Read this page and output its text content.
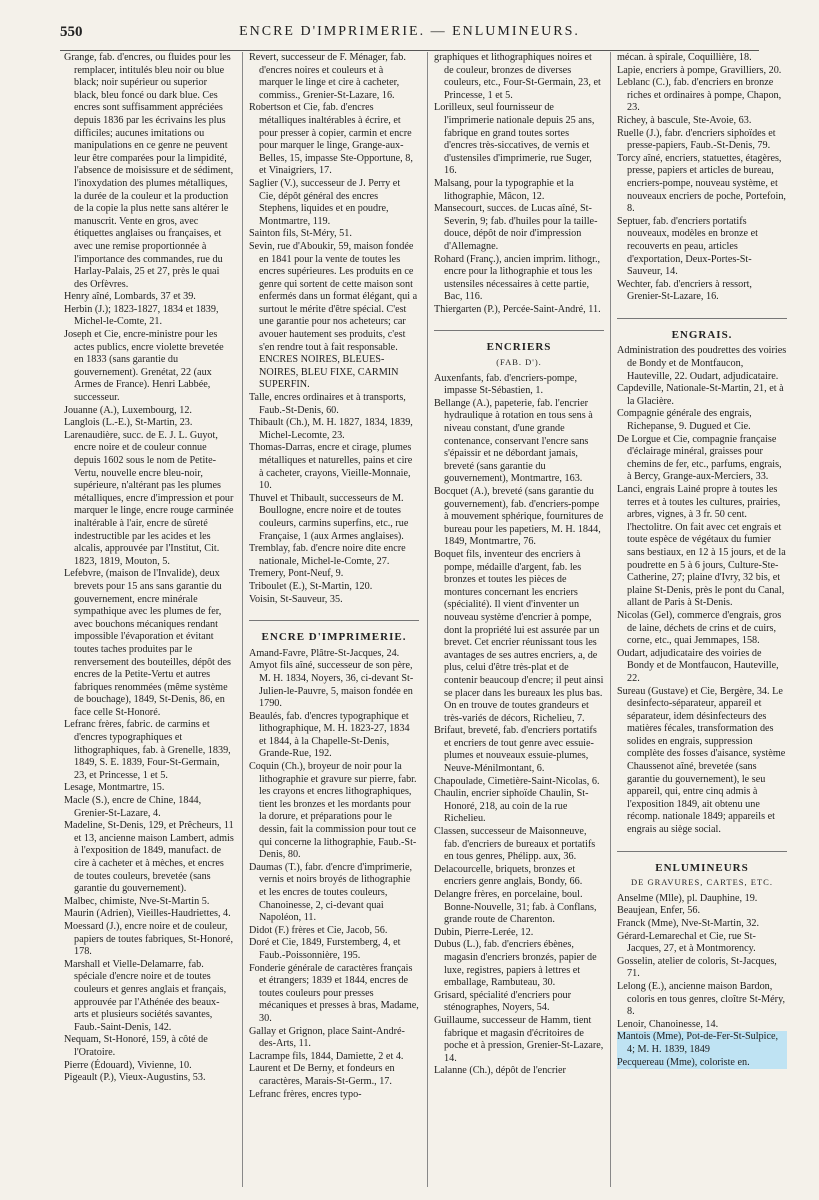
550	ENCRE D'IMPRIMERIE. — ENLUMINEURS.

Grange, fab. d'encres, ou fluides pour les remplacer, intitulés bleu noir ou blue black; noir supérieur ou superior black, bleu foncé ou dark blue. Ces encres sont suffisamment appréciées depuis 1836 par les écrivains les plus difficiles; aucunes imitations ou manipulations en ce genre ne peuvent leur être comparées pour la limpidité, l'absence de moisissure et de sédiment, l'inoxydation des plumes métalliques, la durée de la couleur et la production de la copie la plus nette sans altérer le manuscrit. Vente en gros, avec étiquettes anglaises ou françaises, et avec une remise proportionnée à l'importance des commandes, rue du Harlay-Palais, 25 et 27, près le quai des Orfèvres.

Henry aîné, Lombards, 37 et 39.

Herbin (J.); 1823-1827, 1834 et 1839, Michel-le-Comte, 21.

Joseph et Cie, encre-ministre pour les actes publics, encre violette brevetée en 1833 (sans garantie du gouvernement). Grenétat, 22 (aux Armes de France). Henri Labbée, successeur.

Jouanne (A.), Luxembourg, 12.

Langlois (L.-E.), St-Martin, 23.

Larenaudière, succ. de E. J. L. Guyot, encre noire et de couleur connue depuis 1602 sous le nom de Petite-Vertu, nouvelle encre bleu-noir, supérieure, n'altérant pas les plumes métalliques, encre d'impression et pour marquer le linge, encre rouge carminée inaltérable à l'air, encre de sûreté indestructible par les acides et les alcalis, approuvée par l'Institut, Cit. 1823, 1819, Mouton, 5.

Lefebvre, (maison de l'Invalide), deux brevets pour 15 ans sans garantie du gouvernement, encre minérale sympathique avec les plumes de fer, avec bouchons mécaniques rendant impossible l'évaporation et évitant toutes taches produites par le renversement des bouteilles, dépôt des encres de la Petite-Vertu et autres fabriques renommées (même système de bouchage), 1849, St-Denis, 86, en face celle St-Honoré.

Lefranc frères, fabric. de carmins et d'encres typographiques et lithographiques, fab. à Grenelle, 1839, 1849, S. E. 1839, Four-St-Germain, 23, et Princesse, 1 et 5.

Lesage, Montmartre, 15.

Macle (S.), encre de Chine, 1844, Grenier-St-Lazare, 4.

Madeline, St-Denis, 129, et Prêcheurs, 11 et 13, ancienne maison Lambert, admis à l'exposition de 1849, manufact. de cire à cacheter et à mèches, et encres de toutes couleurs, brevetée (sans garantie du gouvernement).

Malbec, chimiste, Nve-St-Martin 5.

Maurin (Adrien), Vieilles-Haudriettes, 4.

Moessard (J.), encre noire et de couleur, papiers de toutes fabriques, St-Honoré, 178.

Marshall et Vielle-Delamarre, fab. spéciale d'encre noire et de toutes couleurs et genres anglais et français, approuvée par l'Athénée des beaux-arts et plusieurs sociétés savantes, Faub.-Saint-Denis, 142.

Nequam, St-Honoré, 159, à côté de l'Oratoire.

Pierre (Édouard), Vivienne, 10.

Pigeault (P.), Vieux-Augustins, 53.

Revert, successeur de F. Ménager, fab. d'encres noires et couleurs et à marquer le linge et cire à cacheter, commiss., Grenier-St-Lazare, 16.

Robertson et Cie, fab. d'encres métalliques inaltérables à écrire, et pour presser à copier, carmin et encre pour marquer le linge, Grange-aux-Belles, 15, impasse Ste-Opportune, 8, et Vinaigriers, 17.

Saglier (V.), successeur de J. Perry et Cie, dépôt général des encres Stephens, liquides et en poudre, Montmartre, 119.

Sainton fils, St-Méry, 51.

Sevin, rue d'Aboukir, 59, maison fondée en 1841 pour la vente de toutes les encres supérieures. Les produits en ce genre qui sortent de cette maison sont enfermés dans un format élégant, qui a surtout le mérite d'être spécial. C'est une garantie pour nos acheteurs; car avouer hautement ses produits, c'est s'en rendre tout à fait responsable. ENCRES NOIRES, BLEUES-NOIRES, BLEU FIXE, CARMIN SUPERFIN.

Talle, encres ordinaires et à transports, Faub.-St-Denis, 60.

Thibault (Ch.), M. H. 1827, 1834, 1839, Michel-Lecomte, 23.

Thomas-Darras, encre et cirage, plumes métalliques et naturelles, pains et cire à cacheter, crayons, Vieille-Monnaie, 10.

Thuvel et Thibault, successeurs de M. Boullogne, encre noire et de toutes couleurs, carmins superfins, etc., rue Française, 1 (aux Armes anglaises).

Tremblay, fab. d'encre noire dite encre nationale, Michel-le-Comte, 27.

Tremery, Pont-Neuf, 9.

Triboulet (E.), St-Martin, 120.

Voisin, St-Sauveur, 35.

ENCRE D'IMPRIMERIE.

Amand-Favre, Plâtre-St-Jacques, 24.

Amyot fils aîné, successeur de son père, M. H. 1834, Noyers, 36, ci-devant St-Julien-le-Pauvre, 5, maison fondée en 1790.

Beaulés, fab. d'encres typographique et lithographique, M. H. 1823-27, 1834 et 1844, à la Chapelle-St-Denis, Grande-Rue, 192.

Coquin (Ch.), broyeur de noir pour la lithographie et gravure sur pierre, fabr. les crayons et encres lithographiques, tient les bronzes et les mordants pour la dorure, et préparations pour le dessin, fait la commission pour tout ce qui concerne la lithographie, Faub.-St-Denis, 80.

Daumas (T.), fabr. d'encre d'imprimerie, vernis et noirs broyés de lithographie et les encres de toutes couleurs, Chanoinesse, 2, ci-devant quai Napoléon, 11.

Didot (F.) frères et Cie, Jacob, 56.

Doré et Cie, 1849, Furstemberg, 4, et Faub.-Poissonnière, 195.

Fonderie générale de caractères français et étrangers; 1839 et 1844, encres de toutes couleurs pour presses mécaniques et presses à bras, Madame, 30.

Gallay et Grignon, place Saint-André-des-Arts, 11.

Lacrampe fils, 1844, Damiette, 2 et 4.

Laurent et De Berny, et fondeurs en caractères, Marais-St-Germ., 17.

Lefranc frères, encres typo-

graphiques et lithographiques noires et de couleur, bronzes de diverses couleurs, etc., Four-St-Germain, 23, et Princesse, 1 et 5.

Lorilleux, seul fournisseur de l'imprimerie nationale depuis 25 ans, fabrique en grand toutes sortes d'encres très-siccatives, de vernis et d'ustensiles d'imprimerie, rue Suger, 16.

Malsang, pour la typographie et la lithographie, Mâcon, 12.

Mansecourt, succes. de Lucas aîné, St-Severin, 9; fab. d'huiles pour la taille-douce, dépôt de noir d'impression d'Allemagne.

Rohard (Franç.), ancien imprim. lithogr., encre pour la lithographie et tous les ustensiles nécessaires à cette partie, Bac, 116.

Thiergarten (P.), Percée-Saint-André, 11.

ENCRIERS
(FAB. D').

Auxenfants, fab. d'encriers-pompe, impasse St-Sébastien, 1.

Bellange (A.), papeterie, fab. l'encrier hydraulique à rotation en tous sens à niveau constant, d'une grande contenance, conservant l'encre sans s'épaissir et ne débordant jamais, breveté (sans garantie du gouvernement), Montmartre, 163.

Bocquet (A.), breveté (sans garantie du gouvernement), fab. d'encriers-pompe à mouvement sphérique, fournitures de bureau pour les papetiers, M. H. 1844, 1849, Montmartre, 76.

Boquet fils, inventeur des encriers à pompe, médaille d'argent, fab. les bronzes et toutes les pièces de montures concernant les encriers (spécialité). Il vient d'inventer un nouveau système d'encrier à pompe, dont la propriété lui est assurée par un brevet. Cet encrier réunissant tous les avantages de ses autres encriers, a, de plus, celui d'être très-plat et de contenir beaucoup d'encre; il peut ainsi se placer dans les bureaux les plus bas. On en trouve de toutes grandeurs et très-variés de décors, Richelieu, 7.

Brifaut, breveté, fab. d'encriers portatifs et encriers de tout genre avec essuie-plumes et nouveaux essuie-plumes, Neuve-Ménilmontant, 6.

Chapoulade, Cimetière-Saint-Nicolas, 6.

Chaulin, encrier siphoïde Chaulin, St-Honoré, 218, au coin de la rue Richelieu.

Classen, successeur de Maisonneuve, fab. d'encriers de bureaux et portatifs en tous genres, Phélipp. aux, 36.

Delacourcelle, briquets, bronzes et encriers genre anglais, Bondy, 66.

Delangre frères, en porcelaine, boul. Bonne-Nouvelle, 31; fab. à Conflans, grande route de Charenton.

Dubin, Pierre-Lerée, 12.

Dubus (L.), fab. d'encriers ébènes, magasin d'encriers bronzés, papier de luxe, registres, papiers à lettres et emballage, Rambuteau, 30.

Grisard, spécialité d'encriers pour sténographes, Noyers, 54.

Guillaume, successeur de Hamm, tient fabrique et magasin d'écritoires de poche et à pression, Grenier-St-Lazare, 14.

Lalanne (Ch.), dépôt de l'encrier

mécan. à spirale, Coquillière, 18.

Lapie, encriers à pompe, Gravilliers, 20.

Leblanc (C.), fab. d'encriers en bronze riches et ordinaires à pompe, Chapon, 23.

Richey, à bascule, Ste-Avoie, 63.

Ruelle (J.), fabr. d'encriers siphoïdes et presse-papiers, Faub.-St-Denis, 79.

Torcy aîné, encriers, statuettes, étagères, presse, papiers et articles de bureau, encriers-pompe, nouveau système, et nouveaux encriers de poche, Portefoin, 8.

Septuer, fab. d'encriers portatifs nouveaux, modèles en bronze et recouverts en peau, articles d'exportation, Deux-Portes-St-Sauveur, 14.

Wechter, fab. d'encriers à ressort, Grenier-St-Lazare, 16.

ENGRAIS.

Administration des poudrettes des voiries de Bondy et de Montfaucon, Hauteville, 22. Oudart, adjudicataire.

Capdeville, Nationale-St-Martin, 21, et à la Glacière.

Compagnie générale des engrais, Richepanse, 9. Dugued et Cie.

De Lorgue et Cie, compagnie française d'éclairage minéral, graisses pour chemins de fer, etc., parfums, engrais, à Bercy, Grange-aux-Merciers, 33.

Lanci, engrais Lainé propre à toutes les terres et à toutes les cultures, prairies, arbres, vignes, à 3 fr. 50 cent. l'hectolitre. On fait avec cet engrais et toute espèce de végétaux du fumier sans bestiaux, en 12 à 15 jours, et de la poudrette en 5 à 6 jours, Culture-Ste-Catherine, 27; plaine d'Ivry, 32 bis, et plaine St-Denis, près le pont du Canal, allant de Paris à St-Denis.

Nicolas (Gel), commerce d'engrais, gros de laine, déchets de crins et de cuirs, corne, etc., quai Jemmapes, 158.

Oudart, adjudicataire des voiries de Bondy et de Montfaucon, Hauteville, 22.

Sureau (Gustave) et Cie, Bergère, 34. Le desinfecto-séparateur, appareil et séparateur, idem désinfecteurs des matières fécales, transformation des solides en engrais, suppression complète des fosses d'aisance, système Chaussenot aîné, brevetée (sans garantie du gouvernement), le seu appareil, qui, entre cinq admis à l'exposition 1849, ait obtenu une récomp. nationale 1849; appareils et engrais au siège social.

ENLUMINEURS
DE GRAVURES, CARTES, ETC.

Anselme (Mlle), pl. Dauphine, 19.

Beaujean, Enfer, 56.

Franck (Mme), Nve-St-Martin, 32.

Gérard-Lemarechal et Cie, rue St-Jacques, 27, et à Montmorency.

Gosselin, atelier de coloris, St-Jacques, 71.

Lelong (E.), ancienne maison Bardon, coloris en tous genres, cloître St-Méry, 8.

Lenoir, Chanoinesse, 14.

Mantois (Mme), Pot-de-Fer-St-Sulpice, 4; M. H. 1839, 1849

Pecquereau (Mme), coloriste en.
